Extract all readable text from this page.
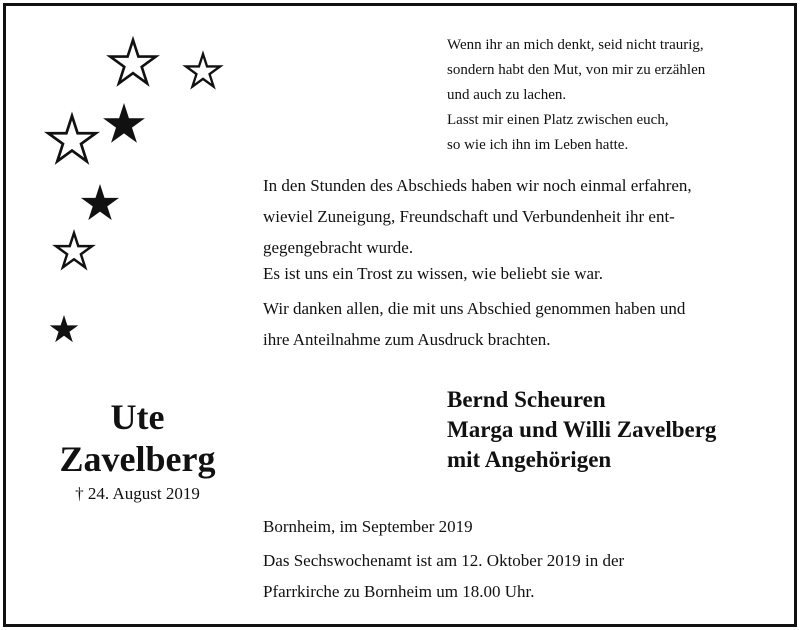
Ute
Zavelberg
† 24. August 2019
Wenn ihr an mich denkt, seid nicht traurig,
sondern habt den Mut, von mir zu erzählen
und auch zu lachen.
Lasst mir einen Platz zwischen euch,
so wie ich ihn im Leben hatte.
In den Stunden des Abschieds haben wir noch einmal erfahren,
wieviel Zuneigung, Freundschaft und Verbundenheit ihr ent-
gegengebracht wurde.
Es ist uns ein Trost zu wissen, wie beliebt sie war.
Wir danken allen, die mit uns Abschied genommen haben und
ihre Anteilnahme zum Ausdruck brachten.
Bernd Scheuren
Marga und Willi Zavelberg
mit Angehörigen
Bornheim, im September 2019
Das Sechswochenamt ist am 12. Oktober 2019 in der
Pfarrkirche zu Bornheim um 18.00 Uhr.
